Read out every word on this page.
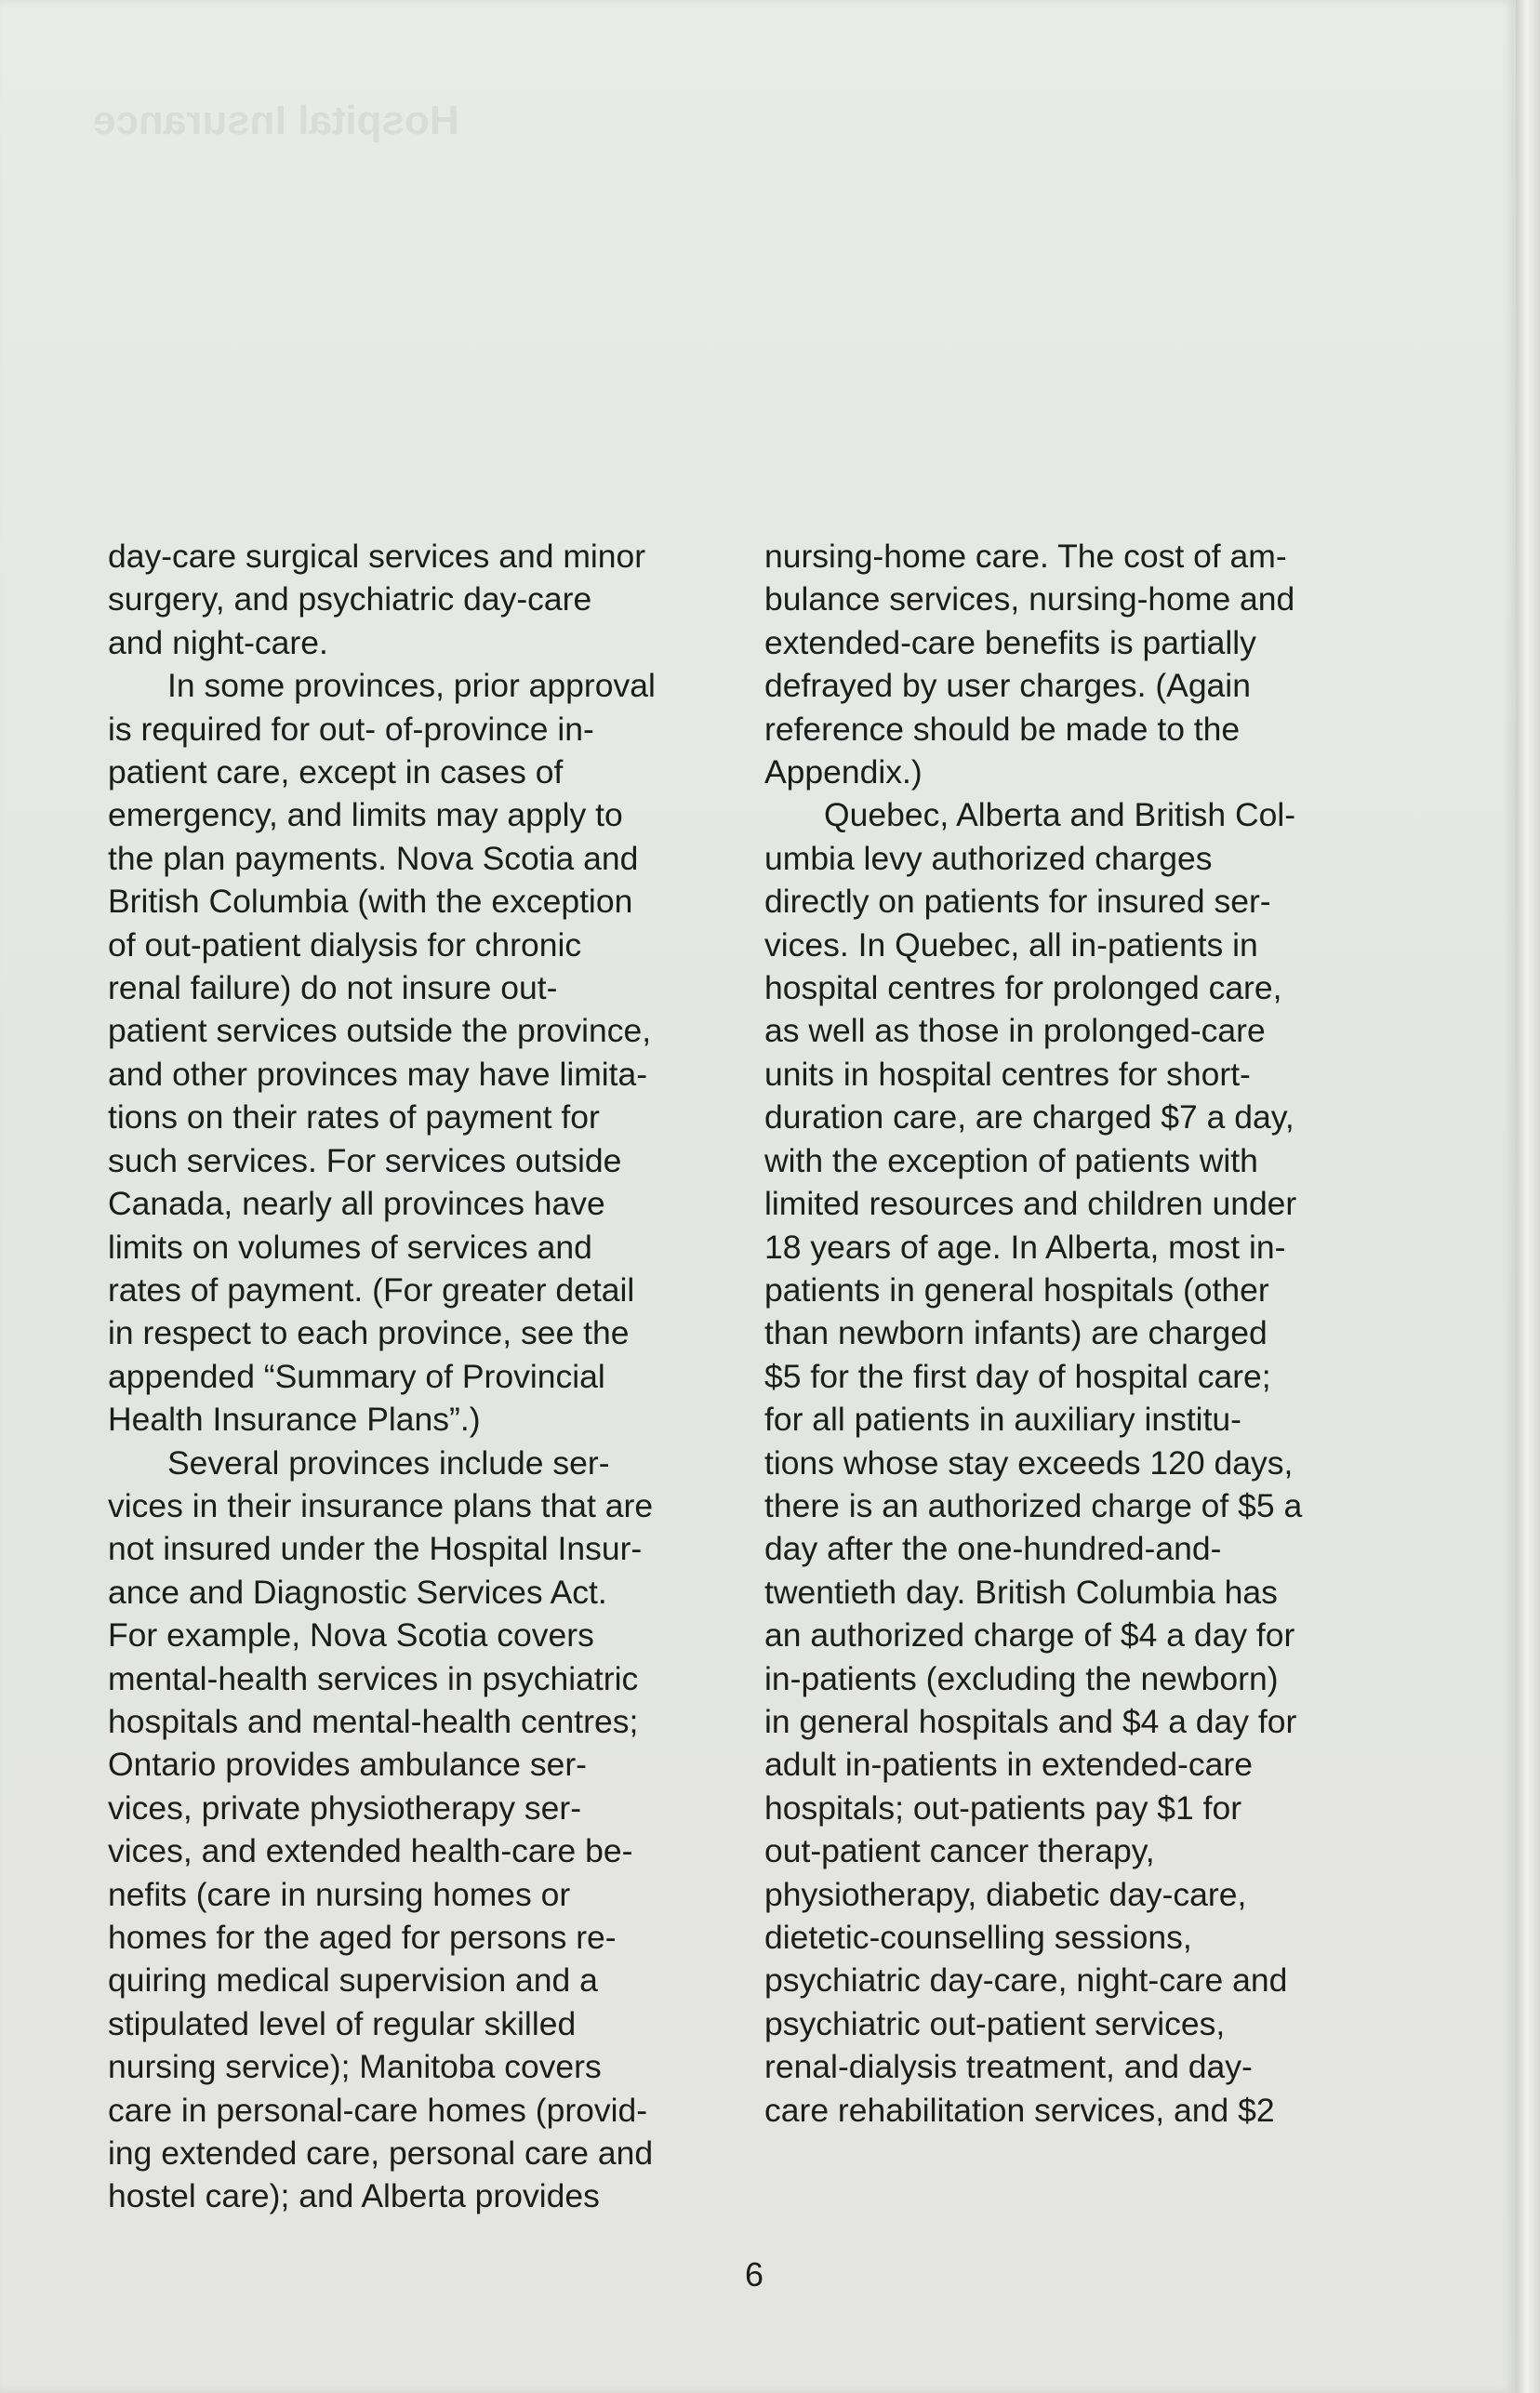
Hospital Insurance
day-care surgical services and minor
surgery, and psychiatric day-care
and night-care.
In some provinces, prior approval
is required for out- of-province in-
patient care, except in cases of
emergency, and limits may apply to
the plan payments. Nova Scotia and
British Columbia (with the exception
of out-patient dialysis for chronic
renal failure) do not insure out-
patient services outside the province,
and other provinces may have limita-
tions on their rates of payment for
such services. For services outside
Canada, nearly all provinces have
limits on volumes of services and
rates of payment. (For greater detail
in respect to each province, see the
appended “Summary of Provincial
Health Insurance Plans”.)
Several provinces include ser-
vices in their insurance plans that are
not insured under the Hospital Insur-
ance and Diagnostic Services Act.
For example, Nova Scotia covers
mental-health services in psychiatric
hospitals and mental-health centres;
Ontario provides ambulance ser-
vices, private physiotherapy ser-
vices, and extended health-care be-
nefits (care in nursing homes or
homes for the aged for persons re-
quiring medical supervision and a
stipulated level of regular skilled
nursing service); Manitoba covers
care in personal-care homes (provid-
ing extended care, personal care and
hostel care); and Alberta provides
nursing-home care. The cost of am-
bulance services, nursing-home and
extended-care benefits is partially
defrayed by user charges. (Again
reference should be made to the
Appendix.)
Quebec, Alberta and British Col-
umbia levy authorized charges
directly on patients for insured ser-
vices. In Quebec, all in-patients in
hospital centres for prolonged care,
as well as those in prolonged-care
units in hospital centres for short-
duration care, are charged $7 a day,
with the exception of patients with
limited resources and children under
18 years of age. In Alberta, most in-
patients in general hospitals (other
than newborn infants) are charged
$5 for the first day of hospital care;
for all patients in auxiliary institu-
tions whose stay exceeds 120 days,
there is an authorized charge of $5 a
day after the one-hundred-and-
twentieth day. British Columbia has
an authorized charge of $4 a day for
in-patients (excluding the newborn)
in general hospitals and $4 a day for
adult in-patients in extended-care
hospitals; out-patients pay $1 for
out-patient cancer therapy,
physiotherapy, diabetic day-care,
dietetic-counselling sessions,
psychiatric day-care, night-care and
psychiatric out-patient services,
renal-dialysis treatment, and day-
care rehabilitation services, and $2
6
